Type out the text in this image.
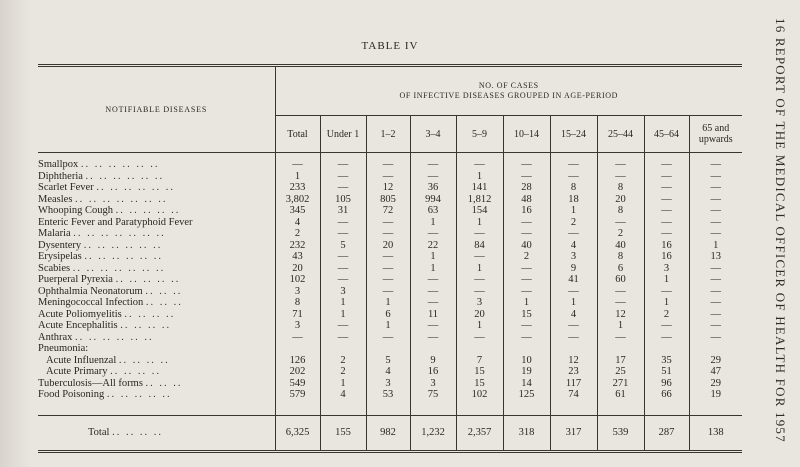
16 REPORT OF THE MEDICAL OFFICER OF HEALTH FOR 1957
TABLE IV
NOTIFIABLE DISEASES	NO. OF CASES
OF INFECTIVE DISEASES GROUPED IN AGE-PERIOD									

	Total	Under 1	1–2	3–4	5–9	10–14	15–24	25–44	45–64	65 and upwards
Smallpox .. .. .. .. .. ..	—	—	—	—	—	—	—	—	—	—
Diphtheria .. .. .. .. .. ..	1	—	—	—	1	—	—	—	—	—
Scarlet Fever .. .. .. .. .. ..	233	—	12	36	141	28	8	8	—	—
Measles .. .. .. .. .. .. ..	3,802	105	805	994	1,812	48	18	20	—	—
Whooping Cough .. .. .. .. ..	345	31	72	63	154	16	1	8	—	—
Enteric Fever and Paratyphoid Fever	4	—	—	1	1	—	2	—	—	—
Malaria .. .. .. .. .. .. ..	2	—	—	—	—	—	—	2	—	—
Dysentery .. .. .. .. .. ..	232	5	20	22	84	40	4	40	16	1
Erysipelas .. .. .. .. .. ..	43	—	—	1	—	2	3	8	16	13
Scabies .. .. .. .. .. .. ..	20	—	—	1	1	—	9	6	3	—
Puerperal Pyrexia .. .. .. .. ..	102	—	—	—	—	—	41	60	1	—
Ophthalmia Neonatorum .. .. ..	3	3	—	—	—	—	—	—	—	—
Meningococcal Infection .. .. ..	8	1	1	—	3	1	1	—	1	—
Acute Poliomyelitis .. .. .. ..	71	1	6	11	20	15	4	12	2	—
Acute Encephalitis .. .. .. ..	3	—	1	—	1	—	—	1	—	—
Anthrax .. .. .. .. .. ..	—	—	—	—	—	—	—	—	—	—
Pneumonia:										
Acute Influenzal .. .. .. ..	126	2	5	9	7	10	12	17	35	29
Acute Primary .. .. .. ..	202	2	4	16	15	19	23	25	51	47
Tuberculosis—All forms .. .. ..	549	1	3	3	15	14	117	271	96	29
Food Poisoning .. .. .. .. ..	579	4	53	75	102	125	74	61	66	19

Total .. .. .. ..	6,325	155	982	1,232	2,357	318	317	539	287	138
